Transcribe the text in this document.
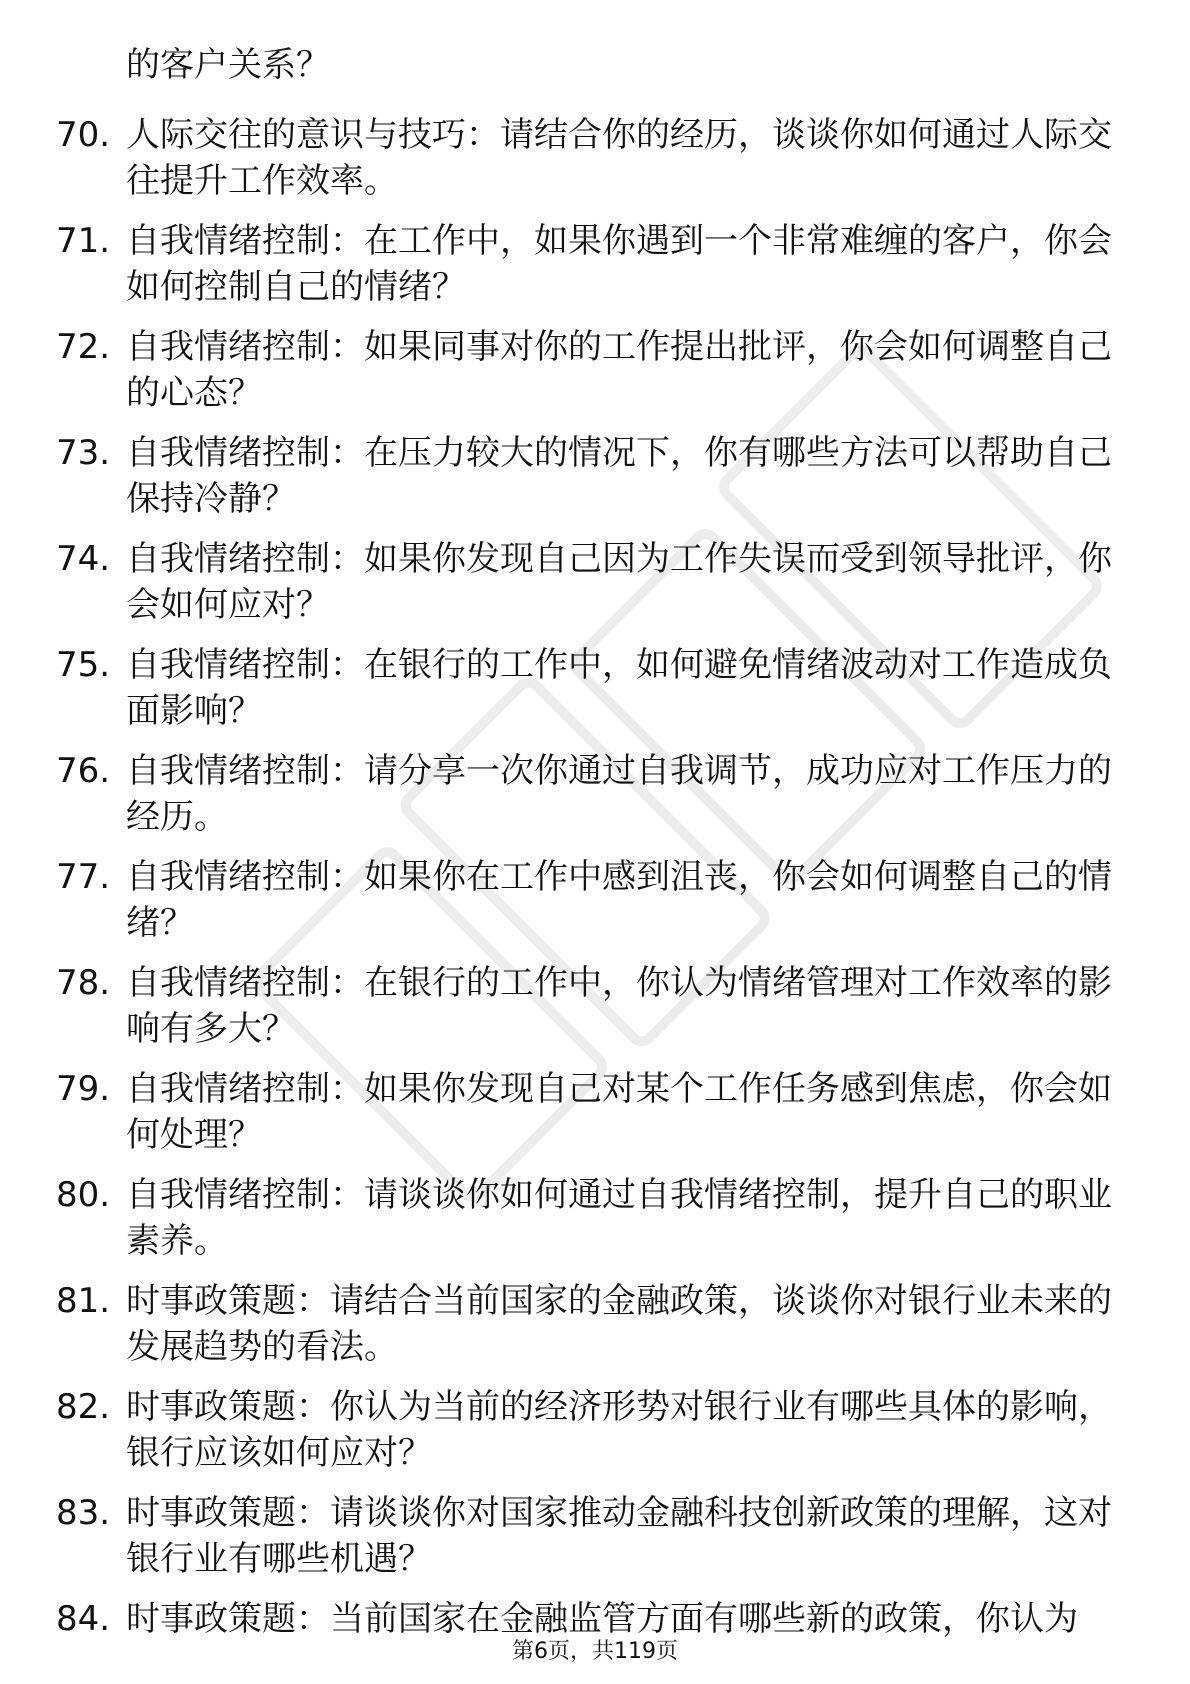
的客户关系？
70. 人际交往的意识与技巧：请结合你的经历，谈谈你如何通过人际交往提升工作效率。
71. 自我情绪控制：在工作中，如果你遇到一个非常难缠的客户，你会如何控制自己的情绪？
72. 自我情绪控制：如果同事对你的工作提出批评，你会如何调整自己的心态？
73. 自我情绪控制：在压力较大的情况下，你有哪些方法可以帮助自己保持冷静？
74. 自我情绪控制：如果你发现自己因为工作失误而受到领导批评，你会如何应对？
75. 自我情绪控制：在银行的工作中，如何避免情绪波动对工作造成负面影响？
76. 自我情绪控制：请分享一次你通过自我调节，成功应对工作压力的经历。
77. 自我情绪控制：如果你在工作中感到沮丧，你会如何调整自己的情绪？
78. 自我情绪控制：在银行的工作中，你认为情绪管理对工作效率的影响有多大？
79. 自我情绪控制：如果你发现自己对某个工作任务感到焦虑，你会如何处理？
80. 自我情绪控制：请谈谈你如何通过自我情绪控制，提升自己的职业素养。
81. 时事政策题：请结合当前国家的金融政策，谈谈你对银行业未来的发展趋势的看法。
82. 时事政策题：你认为当前的经济形势对银行业有哪些具体的影响，银行应该如何应对？
83. 时事政策题：请谈谈你对国家推动金融科技创新政策的理解，这对银行业有哪些机遇？
84. 时事政策题：当前国家在金融监管方面有哪些新的政策，你认为
第6页，共119页
